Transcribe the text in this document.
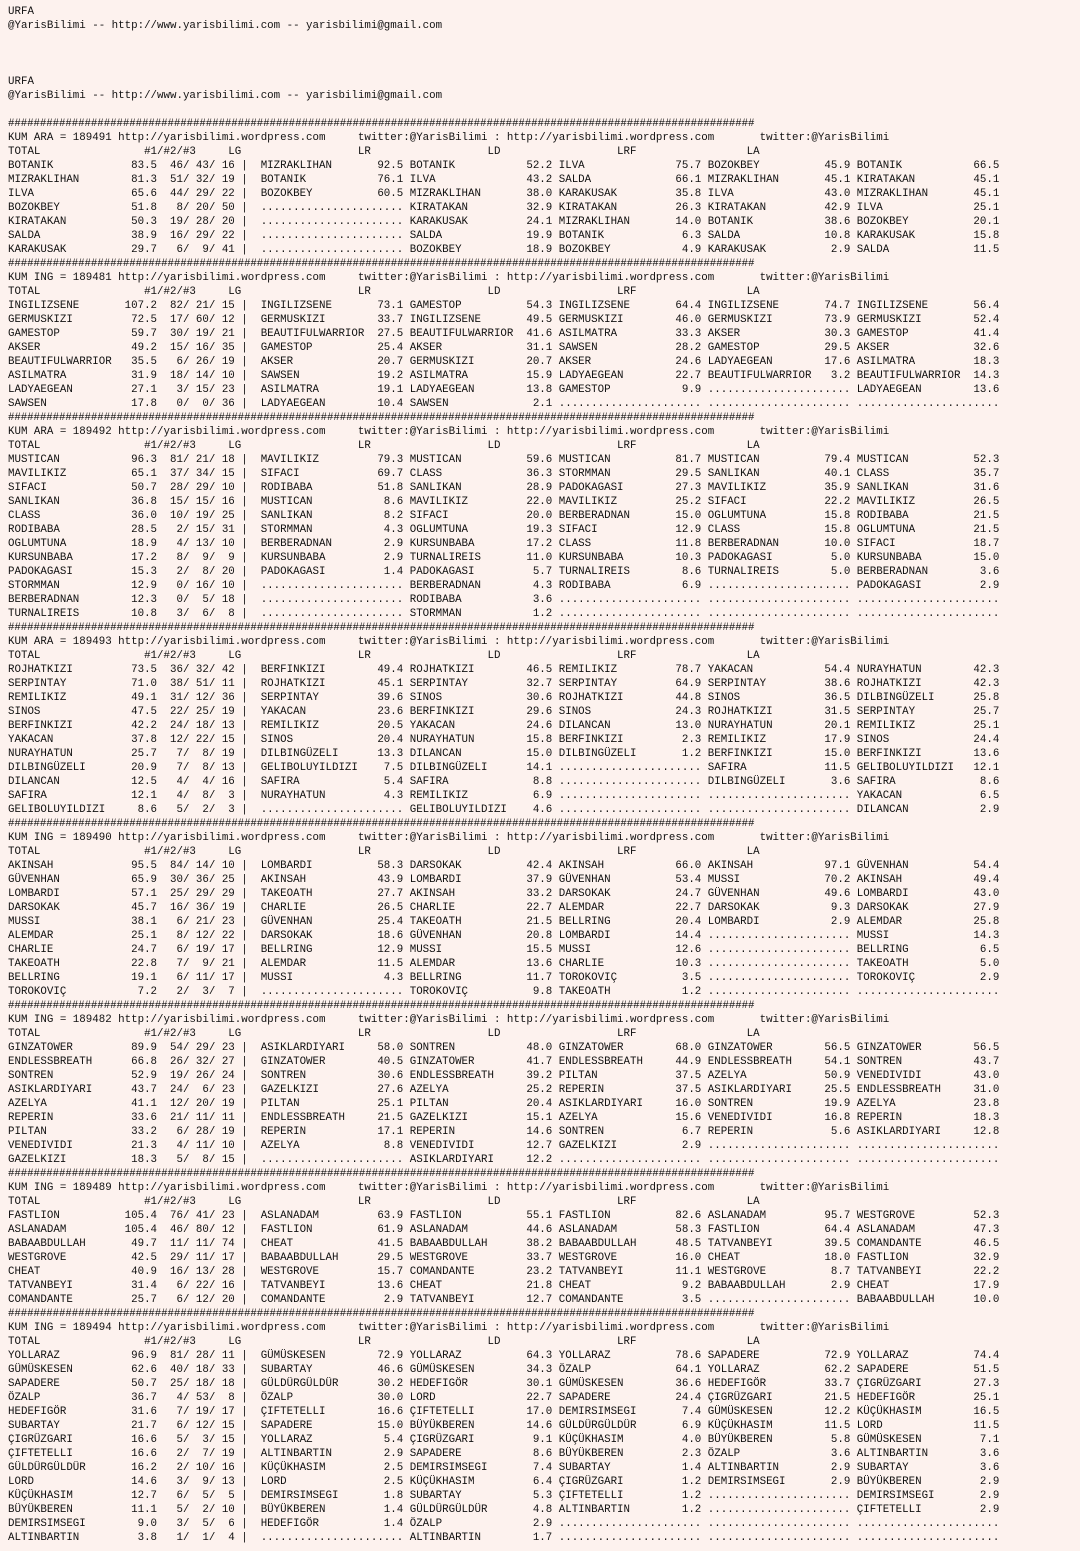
URFA
@YarisBilimi -- http://www.yarisbilimi.com -- yarisbilimi@gmail.com

URFA
@YarisBilimi -- http://www.yarisbilimi.com -- yarisbilimi@gmail.com

#####################################################################################################################
KUM ARA = 189491 http://yarisbilimi.wordpress.com     twitter:@YarisBilimi : http://yarisbilimi.wordpress.com       twitter:@YarisBilimi
TOTAL                #1/#2/#3     LG                  LR                  LD                  LRF                 LA
BOTANIK            83.5  46/ 43/ 16 |  MIZRAKLIHAN       92.5 BOTANIK           52.2 ILVA              75.7 BOZOKBEY          45.9 BOTANIK           66.5
MIZRAKLIHAN        81.3  51/ 32/ 19 |  BOTANIK           76.1 ILVA              43.2 SALDA             66.1 MIZRAKLIHAN       45.1 KIRATAKAN         45.1
ILVA               65.6  44/ 29/ 22 |  BOZOKBEY          60.5 MIZRAKLIHAN       38.0 KARAKUSAK         35.8 ILVA              43.0 MIZRAKLIHAN       45.1
BOZOKBEY           51.8   8/ 20/ 50 |  ...................... KIRATAKAN         32.9 KIRATAKAN         26.3 KIRATAKAN         42.9 ILVA              25.1
KIRATAKAN          50.3  19/ 28/ 20 |  ...................... KARAKUSAK         24.1 MIZRAKLIHAN       14.0 BOTANIK           38.6 BOZOKBEY          20.1
SALDA              38.9  16/ 29/ 22 |  ...................... SALDA             19.9 BOTANIK            6.3 SALDA             10.8 KARAKUSAK         15.8
KARAKUSAK          29.7   6/  9/ 41 |  ...................... BOZOKBEY          18.9 BOZOKBEY           4.9 KARAKUSAK          2.9 SALDA             11.5
#####################################################################################################################
KUM ING = 189481 http://yarisbilimi.wordpress.com     twitter:@YarisBilimi : http://yarisbilimi.wordpress.com       twitter:@YarisBilimi
TOTAL                #1/#2/#3     LG                  LR                  LD                  LRF                 LA
INGILIZSENE       107.2  82/ 21/ 15 |  INGILIZSENE       73.1 GAMESTOP          54.3 INGILIZSENE       64.4 INGILIZSENE       74.7 INGILIZSENE       56.4
GERMUSKIZI         72.5  17/ 60/ 12 |  GERMUSKIZI        33.7 INGILIZSENE       49.5 GERMUSKIZI        46.0 GERMUSKIZI        73.9 GERMUSKIZI        52.4
GAMESTOP           59.7  30/ 19/ 21 |  BEAUTIFULWARRIOR  27.5 BEAUTIFULWARRIOR  41.6 ASILMATRA         33.3 AKSER             30.3 GAMESTOP          41.4
AKSER              49.2  15/ 16/ 35 |  GAMESTOP          25.4 AKSER             31.1 SAWSEN            28.2 GAMESTOP          29.5 AKSER             32.6
BEAUTIFULWARRIOR   35.5   6/ 26/ 19 |  AKSER             20.7 GERMUSKIZI        20.7 AKSER             24.6 LADYAEGEAN        17.6 ASILMATRA         18.3
ASILMATRA          31.9  18/ 14/ 10 |  SAWSEN            19.2 ASILMATRA         15.9 LADYAEGEAN        22.7 BEAUTIFULWARRIOR   3.2 BEAUTIFULWARRIOR  14.3
LADYAEGEAN         27.1   3/ 15/ 23 |  ASILMATRA         19.1 LADYAEGEAN        13.8 GAMESTOP           9.9 ...................... LADYAEGEAN        13.6
SAWSEN             17.8   0/  0/ 36 |  LADYAEGEAN        10.4 SAWSEN             2.1 ...................... ...................... ......................
#####################################################################################################################
KUM ARA = 189492 http://yarisbilimi.wordpress.com     twitter:@YarisBilimi : http://yarisbilimi.wordpress.com       twitter:@YarisBilimi
TOTAL                #1/#2/#3     LG                  LR                  LD                  LRF                 LA
MUSTICAN           96.3  81/ 21/ 18 |  MAVILIKIZ         79.3 MUSTICAN          59.6 MUSTICAN          81.7 MUSTICAN          79.4 MUSTICAN          52.3
MAVILIKIZ          65.1  37/ 34/ 15 |  SIFACI            69.7 CLASS             36.3 STORMMAN          29.5 SANLIKAN          40.1 CLASS             35.7
SIFACI             50.7  28/ 29/ 10 |  RODIBABA          51.8 SANLIKAN          28.9 PADOKAGASI        27.3 MAVILIKIZ         35.9 SANLIKAN          31.6
SANLIKAN           36.8  15/ 15/ 16 |  MUSTICAN           8.6 MAVILIKIZ         22.0 MAVILIKIZ         25.2 SIFACI            22.2 MAVILIKIZ         26.5
CLASS              36.0  10/ 19/ 25 |  SANLIKAN           8.2 SIFACI            20.0 BERBERADNAN       15.0 OGLUMTUNA         15.8 RODIBABA          21.5
RODIBABA           28.5   2/ 15/ 31 |  STORMMAN           4.3 OGLUMTUNA         19.3 SIFACI            12.9 CLASS             15.8 OGLUMTUNA         21.5
OGLUMTUNA          18.9   4/ 13/ 10 |  BERBERADNAN        2.9 KURSUNBABA        17.2 CLASS             11.8 BERBERADNAN       10.0 SIFACI            18.7
KURSUNBABA         17.2   8/  9/  9 |  KURSUNBABA         2.9 TURNALIREIS       11.0 KURSUNBABA        10.3 PADOKAGASI         5.0 KURSUNBABA        15.0
PADOKAGASI         15.3   2/  8/ 20 |  PADOKAGASI         1.4 PADOKAGASI         5.7 TURNALIREIS        8.6 TURNALIREIS        5.0 BERBERADNAN        3.6
STORMMAN           12.9   0/ 16/ 10 |  ...................... BERBERADNAN        4.3 RODIBABA           6.9 ...................... PADOKAGASI         2.9
BERBERADNAN        12.3   0/  5/ 18 |  ...................... RODIBABA           3.6 ...................... ...................... ......................
TURNALIREIS        10.8   3/  6/  8 |  ...................... STORMMAN           1.2 ...................... ...................... ......................
#####################################################################################################################
KUM ARA = 189493 http://yarisbilimi.wordpress.com     twitter:@YarisBilimi : http://yarisbilimi.wordpress.com       twitter:@YarisBilimi
TOTAL                #1/#2/#3     LG                  LR                  LD                  LRF                 LA
ROJHATKIZI         73.5  36/ 32/ 42 |  BERFINKIZI        49.4 ROJHATKIZI        46.5 REMILIKIZ         78.7 YAKACAN           54.4 NURAYHATUN        42.3
SERPINTAY          71.0  38/ 51/ 11 |  ROJHATKIZI        45.1 SERPINTAY         32.7 SERPINTAY         64.9 SERPINTAY         38.6 ROJHATKIZI        42.3
REMILIKIZ          49.1  31/ 12/ 36 |  SERPINTAY         39.6 SINOS             30.6 ROJHATKIZI        44.8 SINOS             36.5 DILBINGÜZELI      25.8
SINOS              47.5  22/ 25/ 19 |  YAKACAN           23.6 BERFINKIZI        29.6 SINOS             24.3 ROJHATKIZI        31.5 SERPINTAY         25.7
BERFINKIZI         42.2  24/ 18/ 13 |  REMILIKIZ         20.5 YAKACAN           24.6 DILANCAN          13.0 NURAYHATUN        20.1 REMILIKIZ         25.1
YAKACAN            37.8  12/ 22/ 15 |  SINOS             20.4 NURAYHATUN        15.8 BERFINKIZI         2.3 REMILIKIZ         17.9 SINOS             24.4
NURAYHATUN         25.7   7/  8/ 19 |  DILBINGÜZELI      13.3 DILANCAN          15.0 DILBINGÜZELI       1.2 BERFINKIZI        15.0 BERFINKIZI        13.6
DILBINGÜZELI       20.9   7/  8/ 13 |  GELIBOLUYILDIZI    7.5 DILBINGÜZELI      14.1 ...................... SAFIRA            11.5 GELIBOLUYILDIZI   12.1
DILANCAN           12.5   4/  4/ 16 |  SAFIRA             5.4 SAFIRA             8.8 ...................... DILBINGÜZELI       3.6 SAFIRA             8.6
SAFIRA             12.1   4/  8/  3 |  NURAYHATUN         4.3 REMILIKIZ          6.9 ...................... ...................... YAKACAN            6.5
GELIBOLUYILDIZI     8.6   5/  2/  3 |  ...................... GELIBOLUYILDIZI    4.6 ...................... ...................... DILANCAN           2.9
#####################################################################################################################
KUM ING = 189490 http://yarisbilimi.wordpress.com     twitter:@YarisBilimi : http://yarisbilimi.wordpress.com       twitter:@YarisBilimi
TOTAL                #1/#2/#3     LG                  LR                  LD                  LRF                 LA
AKINSAH            95.5  84/ 14/ 10 |  LOMBARDI          58.3 DARSOKAK          42.4 AKINSAH           66.0 AKINSAH           97.1 GÜVENHAN          54.4
GÜVENHAN           65.9  30/ 36/ 25 |  AKINSAH           43.9 LOMBARDI          37.9 GÜVENHAN          53.4 MUSSI             70.2 AKINSAH           49.4
LOMBARDI           57.1  25/ 29/ 29 |  TAKEOATH          27.7 AKINSAH           33.2 DARSOKAK          24.7 GÜVENHAN          49.6 LOMBARDI          43.0
DARSOKAK           45.7  16/ 36/ 19 |  CHARLIE           26.5 CHARLIE           22.7 ALEMDAR           22.7 DARSOKAK           9.3 DARSOKAK          27.9
MUSSI              38.1   6/ 21/ 23 |  GÜVENHAN          25.4 TAKEOATH          21.5 BELLRING          20.4 LOMBARDI           2.9 ALEMDAR           25.8
ALEMDAR            25.1   8/ 12/ 22 |  DARSOKAK          18.6 GÜVENHAN          20.8 LOMBARDI          14.4 ...................... MUSSI             14.3
CHARLIE            24.7   6/ 19/ 17 |  BELLRING          12.9 MUSSI             15.5 MUSSI             12.6 ...................... BELLRING           6.5
TAKEOATH           22.8   7/  9/ 21 |  ALEMDAR           11.5 ALEMDAR           13.6 CHARLIE           10.3 ...................... TAKEOATH           5.0
BELLRING           19.1   6/ 11/ 17 |  MUSSI              4.3 BELLRING          11.7 TOROKOVIÇ          3.5 ...................... TOROKOVIÇ          2.9
TOROKOVIÇ           7.2   2/  3/  7 |  ...................... TOROKOVIÇ          9.8 TAKEOATH           1.2 ...................... ......................
#####################################################################################################################
KUM ING = 189482 http://yarisbilimi.wordpress.com     twitter:@YarisBilimi : http://yarisbilimi.wordpress.com       twitter:@YarisBilimi
TOTAL                #1/#2/#3     LG                  LR                  LD                  LRF                 LA
GINZATOWER         89.9  54/ 29/ 23 |  ASIKLARDIYARI     58.0 SONTREN           48.0 GINZATOWER        68.0 GINZATOWER        56.5 GINZATOWER        56.5
ENDLESSBREATH      66.8  26/ 32/ 27 |  GINZATOWER        40.5 GINZATOWER        41.7 ENDLESSBREATH     44.9 ENDLESSBREATH     54.1 SONTREN           43.7
SONTREN            52.9  19/ 26/ 24 |  SONTREN           30.6 ENDLESSBREATH     39.2 PILTAN            37.5 AZELYA            50.9 VENEDIVIDI        43.0
ASIKLARDIYARI      43.7  24/  6/ 23 |  GAZELKIZI         27.6 AZELYA            25.2 REPERIN           37.5 ASIKLARDIYARI     25.5 ENDLESSBREATH     31.0
AZELYA             41.1  12/ 20/ 19 |  PILTAN            25.1 PILTAN            20.4 ASIKLARDIYARI     16.0 SONTREN           19.9 AZELYA            23.8
REPERIN            33.6  21/ 11/ 11 |  ENDLESSBREATH     21.5 GAZELKIZI         15.1 AZELYA            15.6 VENEDIVIDI        16.8 REPERIN           18.3
PILTAN             33.2   6/ 28/ 19 |  REPERIN           17.1 REPERIN           14.6 SONTREN            6.7 REPERIN            5.6 ASIKLARDIYARI     12.8
VENEDIVIDI         21.3   4/ 11/ 10 |  AZELYA             8.8 VENEDIVIDI        12.7 GAZELKIZI          2.9 ...................... ......................
GAZELKIZI          18.3   5/  8/ 15 |  ...................... ASIKLARDIYARI     12.2 ...................... ...................... ......................
#####################################################################################################################
KUM ING = 189489 http://yarisbilimi.wordpress.com     twitter:@YarisBilimi : http://yarisbilimi.wordpress.com       twitter:@YarisBilimi
TOTAL                #1/#2/#3     LG                  LR                  LD                  LRF                 LA
FASTLION          105.4  76/ 41/ 23 |  ASLANADAM         63.9 FASTLION          55.1 FASTLION          82.6 ASLANADAM         95.7 WESTGROVE         52.3
ASLANADAM         105.4  46/ 80/ 12 |  FASTLION          61.9 ASLANADAM         44.6 ASLANADAM         58.3 FASTLION          64.4 ASLANADAM         47.3
BABAABDULLAH       49.7  11/ 11/ 74 |  CHEAT             41.5 BABAABDULLAH      38.2 BABAABDULLAH      48.5 TATVANBEYI        39.5 COMANDANTE        46.5
WESTGROVE          42.5  29/ 11/ 17 |  BABAABDULLAH      29.5 WESTGROVE         33.7 WESTGROVE         16.0 CHEAT             18.0 FASTLION          32.9
CHEAT              40.9  16/ 13/ 28 |  WESTGROVE         15.7 COMANDANTE        23.2 TATVANBEYI        11.1 WESTGROVE          8.7 TATVANBEYI        22.2
TATVANBEYI         31.4   6/ 22/ 16 |  TATVANBEYI        13.6 CHEAT             21.8 CHEAT              9.2 BABAABDULLAH       2.9 CHEAT             17.9
COMANDANTE         25.7   6/ 12/ 20 |  COMANDANTE         2.9 TATVANBEYI        12.7 COMANDANTE         3.5 ...................... BABAABDULLAH      10.0
#####################################################################################################################
KUM ING = 189494 http://yarisbilimi.wordpress.com     twitter:@YarisBilimi : http://yarisbilimi.wordpress.com       twitter:@YarisBilimi
TOTAL                #1/#2/#3     LG                  LR                  LD                  LRF                 LA
YOLLARAZ           96.9  81/ 28/ 11 |  GÜMÜSKESEN        72.9 YOLLARAZ          64.3 YOLLARAZ          78.6 SAPADERE          72.9 YOLLARAZ          74.4
GÜMÜSKESEN         62.6  40/ 18/ 33 |  SUBARTAY          46.6 GÜMÜSKESEN        34.3 ÖZALP             64.1 YOLLARAZ          62.2 SAPADERE          51.5
SAPADERE           50.7  25/ 18/ 18 |  GÜLDÜRGÜLDÜR      30.2 HEDEFIGÖR         30.1 GÜMÜSKESEN        36.6 HEDEFIGÖR         33.7 ÇIGRÜZGARI        27.3
ÖZALP              36.7   4/ 53/  8 |  ÖZALP             30.0 LORD              22.7 SAPADERE          24.4 ÇIGRÜZGARI        21.5 HEDEFIGÖR         25.1
HEDEFIGÖR          31.6   7/ 19/ 17 |  ÇIFTETELLI        16.6 ÇIFTETELLI        17.0 DEMIRSIMSEGI       7.4 GÜMÜSKESEN        12.2 KÜÇÜKHASIM        16.5
SUBARTAY           21.7   6/ 12/ 15 |  SAPADERE          15.0 BÜYÜKBEREN        14.6 GÜLDÜRGÜLDÜR       6.9 KÜÇÜKHASIM        11.5 LORD              11.5
ÇIGRÜZGARI         16.6   5/  3/ 15 |  YOLLARAZ           5.4 ÇIGRÜZGARI         9.1 KÜÇÜKHASIM         4.0 BÜYÜKBEREN         5.8 GÜMÜSKESEN         7.1
ÇIFTETELLI         16.6   2/  7/ 19 |  ALTINBARTIN        2.9 SAPADERE           8.6 BÜYÜKBEREN         2.3 ÖZALP              3.6 ALTINBARTIN        3.6
GÜLDÜRGÜLDÜR       16.2   2/ 10/ 16 |  KÜÇÜKHASIM         2.5 DEMIRSIMSEGI       7.4 SUBARTAY           1.4 ALTINBARTIN        2.9 SUBARTAY           3.6
LORD               14.6   3/  9/ 13 |  LORD               2.5 KÜÇÜKHASIM         6.4 ÇIGRÜZGARI         1.2 DEMIRSIMSEGI       2.9 BÜYÜKBEREN         2.9
KÜÇÜKHASIM         12.7   6/  5/  5 |  DEMIRSIMSEGI       1.8 SUBARTAY           5.3 ÇIFTETELLI         1.2 ...................... DEMIRSIMSEGI       2.9
BÜYÜKBEREN         11.1   5/  2/ 10 |  BÜYÜKBEREN         1.4 GÜLDÜRGÜLDÜR       4.8 ALTINBARTIN        1.2 ...................... ÇIFTETELLI         2.9
DEMIRSIMSEGI        9.0   3/  5/  6 |  HEDEFIGÖR          1.4 ÖZALP              2.9 ...................... ...................... ......................
ALTINBARTIN         3.8   1/  1/  4 |  ...................... ALTINBARTIN        1.7 ...................... ...................... ......................
